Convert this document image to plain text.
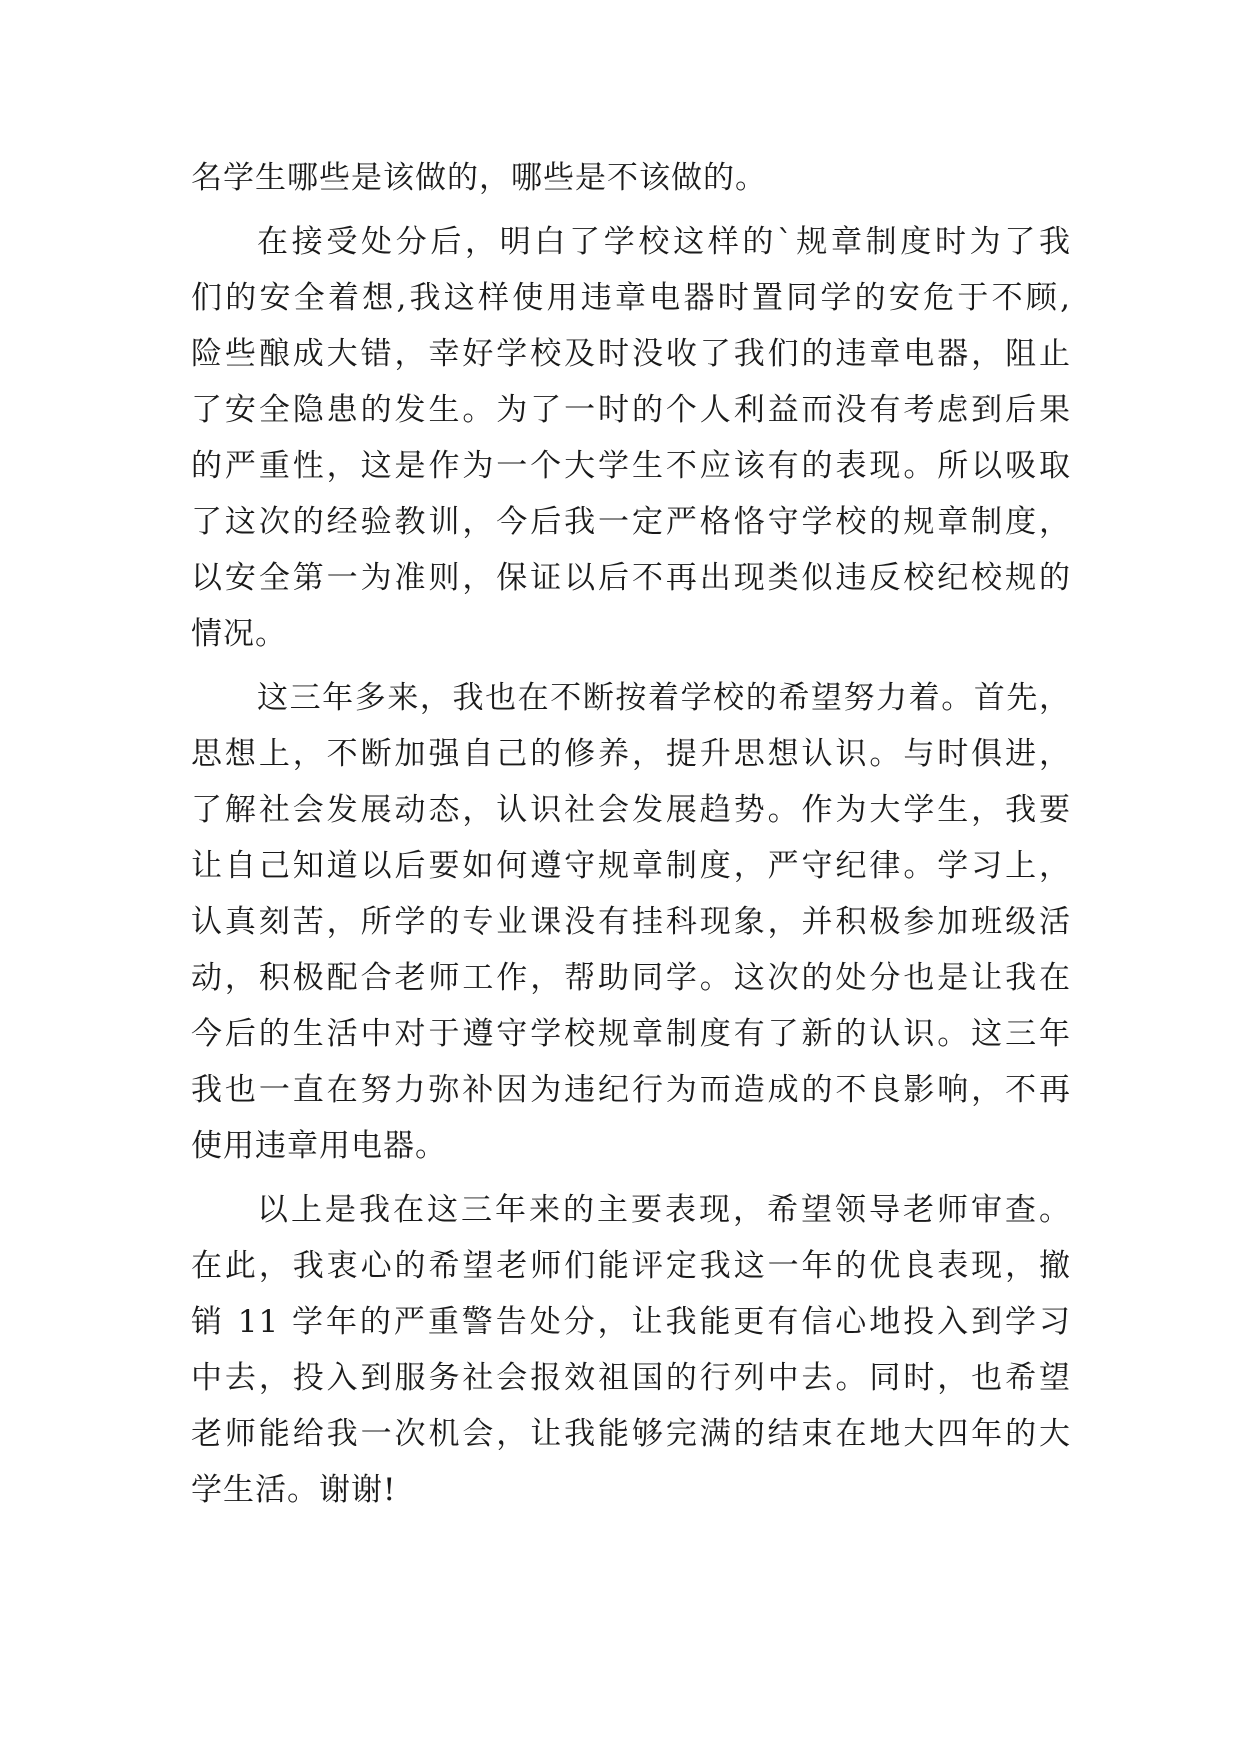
名学生哪些是该做的，哪些是不该做的。
在接受处分后，明白了学校这样的`规章制度时为了我
们的安全着想,我这样使用违章电器时置同学的安危于不顾,
险些酿成大错，幸好学校及时没收了我们的违章电器，阻止
了安全隐患的发生。为了一时的个人利益而没有考虑到后果
的严重性，这是作为一个大学生不应该有的表现。所以吸取
了这次的经验教训，今后我一定严格恪守学校的规章制度，
以安全第一为准则，保证以后不再出现类似违反校纪校规的
情况。
这三年多来，我也在不断按着学校的希望努力着。首先，
思想上，不断加强自己的修养，提升思想认识。与时俱进，
了解社会发展动态，认识社会发展趋势。作为大学生，我要
让自己知道以后要如何遵守规章制度，严守纪律。学习上，
认真刻苦，所学的专业课没有挂科现象，并积极参加班级活
动，积极配合老师工作，帮助同学。这次的处分也是让我在
今后的生活中对于遵守学校规章制度有了新的认识。这三年
我也一直在努力弥补因为违纪行为而造成的不良影响，不再
使用违章用电器。
以上是我在这三年来的主要表现，希望领导老师审查。
在此，我衷心的希望老师们能评定我这一年的优良表现，撤
销 11 学年的严重警告处分，让我能更有信心地投入到学习
中去，投入到服务社会报效祖国的行列中去。同时，也希望
老师能给我一次机会，让我能够完满的结束在地大四年的大
学生活。谢谢!
